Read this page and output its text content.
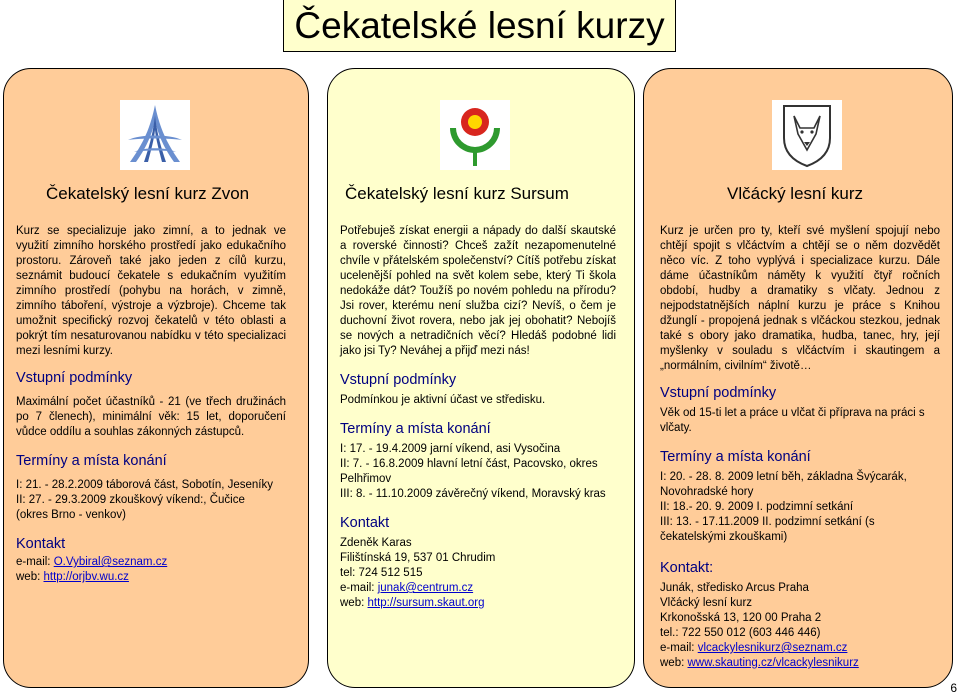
Čekatelské lesní kurzy
Čekatelský lesní kurz Zvon

Kurz se specializuje jako zimní, a to jednak ve využití zimního horského prostředí jako edukačního prostoru. Zároveň také jako jeden z cílů kurzu, seznámit budoucí čekatele s edukačním využitím zimního prostředí (pohybu na horách, v zimně, zimního táboření, výstroje a výzbroje). Chceme tak umožnit specifický rozvoj čekatelů v této oblasti a pokrýt tím nesaturovanou nabídku v této specializaci mezi lesními kurzy.

Vstupní podmínky

Maximální počet účastníků - 21 (ve třech družinách po 7 členech), minimální věk: 15 let, doporučení vůdce oddílu a souhlas zákonných zástupců.

Termíny a místa konání

I: 21. - 28.2.2009 táborová část, Sobotín, Jeseníky

II: 27. - 29.3.2009 zkouškový víkend:, Čučice

(okres Brno - venkov)

Kontakt

e-mail: O.Vybiral@seznam.cz

web: http://orjbv.wu.cz

Čekatelský lesní kurz Sursum

Potřebuješ získat energii a nápady do další skautské a roverské činnosti? Chceš zažít nezapomenutelné chvíle v přátelském společenství? Cítíš potřebu získat ucelenější pohled na svět kolem sebe, který Ti škola nedokáže dát? Toužíš po novém pohledu na přírodu? Jsi rover, kterému není služba cizí? Nevíš, o čem je duchovní život rovera, nebo jak jej obohatit? Nebojíš se nových a netradičních věcí? Hledáš podobné lidi jako jsi Ty? Neváhej a přijď mezi nás!

Vstupní podmínky

Podmínkou je aktivní účast ve středisku.

Termíny a místa konání

I: 17. - 19.4.2009 jarní víkend, asi Vysočina

II: 7. - 16.8.2009 hlavní letní část, Pacovsko, okres Pelhřimov

III: 8. - 11.10.2009 závěrečný víkend, Moravský kras

Kontakt

Zdeněk Karas

Filištínská 19, 537 01 Chrudim

tel: 724 512 515

e-mail: junak@centrum.cz

web: http://sursum.skaut.org

Vlčácký lesní kurz

Kurz je určen pro ty, kteří své myšlení spojují nebo chtějí spojit s vlčáctvím a chtějí se o něm dozvědět něco víc. Z toho vyplývá i specializace kurzu. Dále dáme účastníkům náměty k využití čtyř ročních období, hudby a dramatiky s vlčaty. Jednou z nejpodstatnějších náplní kurzu je práce s Knihou džunglí - propojená jednak s vlčáckou stezkou, jednak také s obory jako dramatika, hudba, tanec, hry, její myšlenky v souladu s vlčáctvím i skautingem a „normálním, civilním“ životě…

Vstupní podmínky

Věk od 15-ti let a práce u vlčat či příprava na práci s vlčaty.

Termíny a místa konání

I: 20. - 28. 8. 2009 letní běh, základna Švýcarák, Novohradské hory

II: 18.- 20. 9. 2009 I. podzimní setkání

III: 13. - 17.11.2009 II. podzimní setkání (s čekatelskými zkouškami)

Kontakt:

Junák, středisko Arcus Praha

Vlčácký lesní kurz

Krkonošská 13, 120 00 Praha 2

tel.: 722 550 012 (603 446 446)

e-mail: vlcackylesnikurz@seznam.cz

web: www.skauting.cz/vlcackylesnikurz

6
